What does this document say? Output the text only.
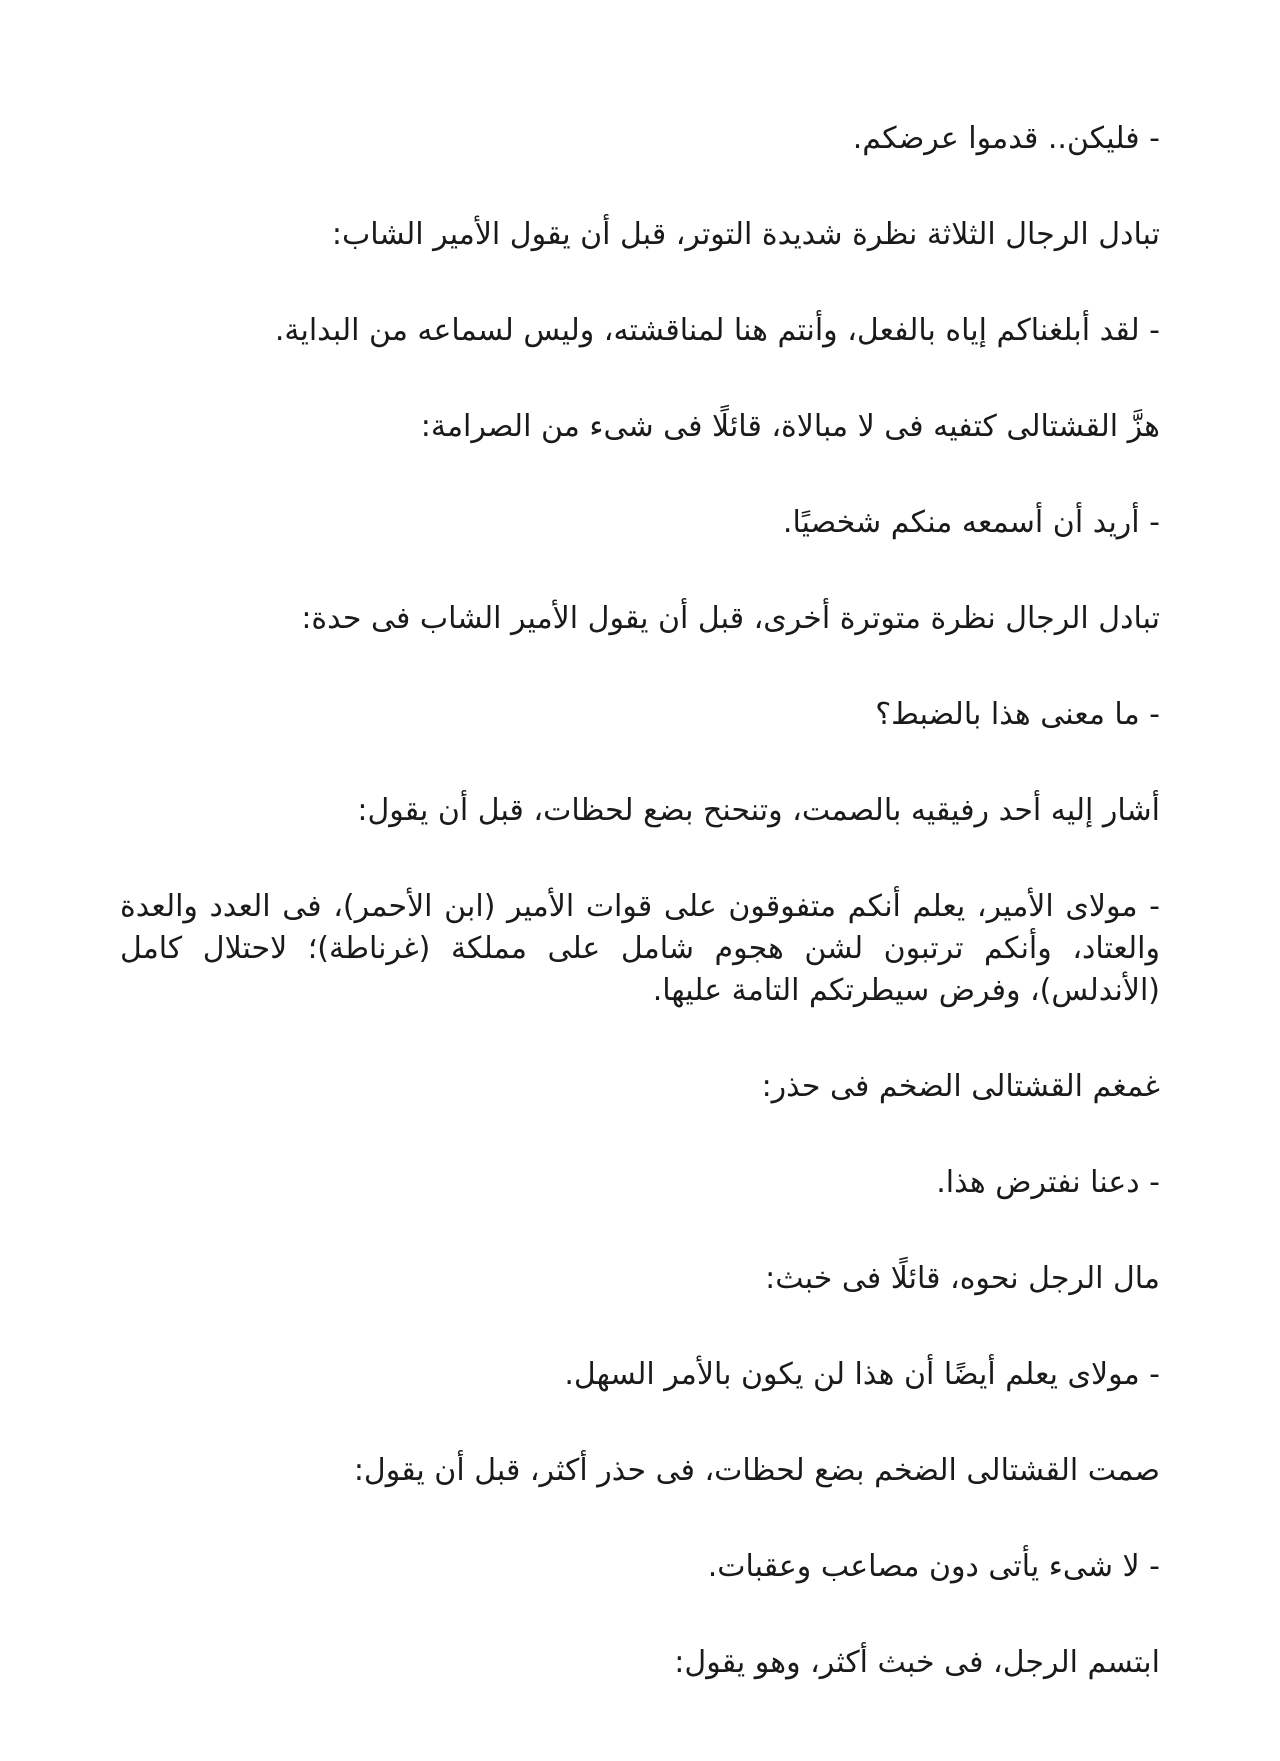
- فليكن.. قدموا عرضكم.

تبادل الرجال الثلاثة نظرة شديدة التوتر، قبل أن يقول الأمير الشاب:

- لقد أبلغناكم إياه بالفعل، وأنتم هنا لمناقشته، وليس لسماعه من البداية.

هزَّ القشتالى كتفيه فى لا مبالاة، قائلًا فى شىء من الصرامة:

- أريد أن أسمعه منكم شخصيًا.

تبادل الرجال نظرة متوترة أخرى، قبل أن يقول الأمير الشاب فى حدة:

- ما معنى هذا بالضبط؟

أشار إليه أحد رفيقيه بالصمت، وتنحنح بضع لحظات، قبل أن يقول:

- مولاى الأمير، يعلم أنكم متفوقون على قوات الأمير (ابن الأحمر)، فى العدد والعدة والعتاد، وأنكم ترتبون لشن هجوم شامل على مملكة (غرناطة)؛ لاحتلال كامل (الأندلس)، وفرض سيطرتكم التامة عليها.

غمغم القشتالى الضخم فى حذر:

- دعنا نفترض هذا.

مال الرجل نحوه، قائلًا فى خبث:

- مولاى يعلم أيضًا أن هذا لن يكون بالأمر السهل.

صمت القشتالى الضخم بضع لحظات، فى حذر أكثر، قبل أن يقول:

- لا شىء يأتى دون مصاعب وعقبات.

ابتسم الرجل، فى خبث أكثر، وهو يقول:
